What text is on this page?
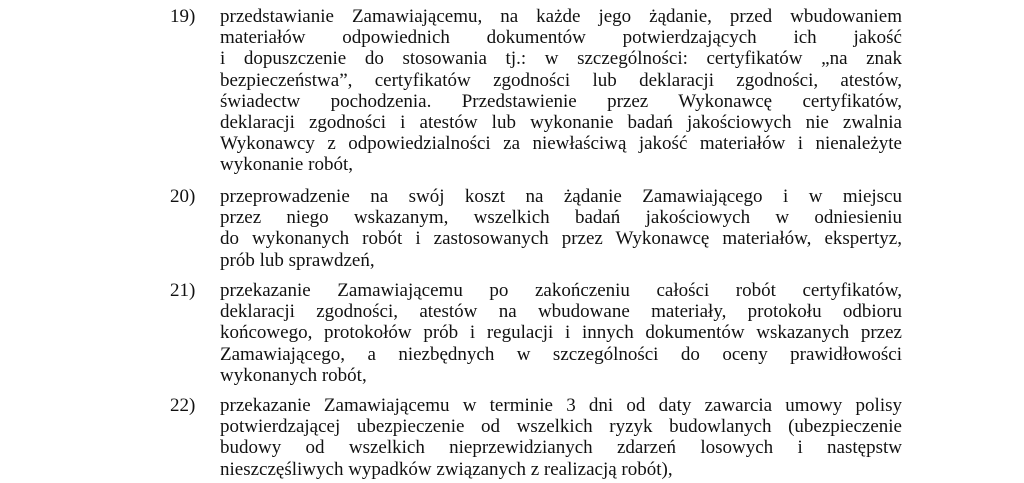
19)	przedstawianie Zamawiającemu, na każde jego żądanie, przed wbudowaniem
materiałów odpowiednich dokumentów potwierdzających ich jakość
i dopuszczenie do stosowania tj.: w szczególności: certyfikatów „na znak
bezpieczeństwa”, certyfikatów zgodności lub deklaracji zgodności, atestów,
świadectw pochodzenia. Przedstawienie przez Wykonawcę certyfikatów,
deklaracji zgodności i atestów lub wykonanie badań jakościowych nie zwalnia
Wykonawcy z odpowiedzialności za niewłaściwą jakość materiałów i nienależyte
wykonanie robót,
20)	przeprowadzenie na swój koszt na żądanie Zamawiającego i w miejscu
przez niego wskazanym, wszelkich badań jakościowych w odniesieniu
do wykonanych robót i zastosowanych przez Wykonawcę materiałów, ekspertyz,
prób lub sprawdzeń,
21)	przekazanie Zamawiającemu po zakończeniu całości robót certyfikatów,
deklaracji zgodności, atestów na wbudowane materiały, protokołu odbioru
końcowego, protokołów prób i regulacji i innych dokumentów wskazanych przez
Zamawiającego, a niezbędnych w szczególności do oceny prawidłowości
wykonanych robót,
22)	przekazanie Zamawiającemu w terminie 3 dni od daty zawarcia umowy polisy
potwierdzającej ubezpieczenie od wszelkich ryzyk budowlanych (ubezpieczenie
budowy od wszelkich nieprzewidzianych zdarzeń losowych i następstw
nieszczęśliwych wypadków związanych z realizacją robót),
